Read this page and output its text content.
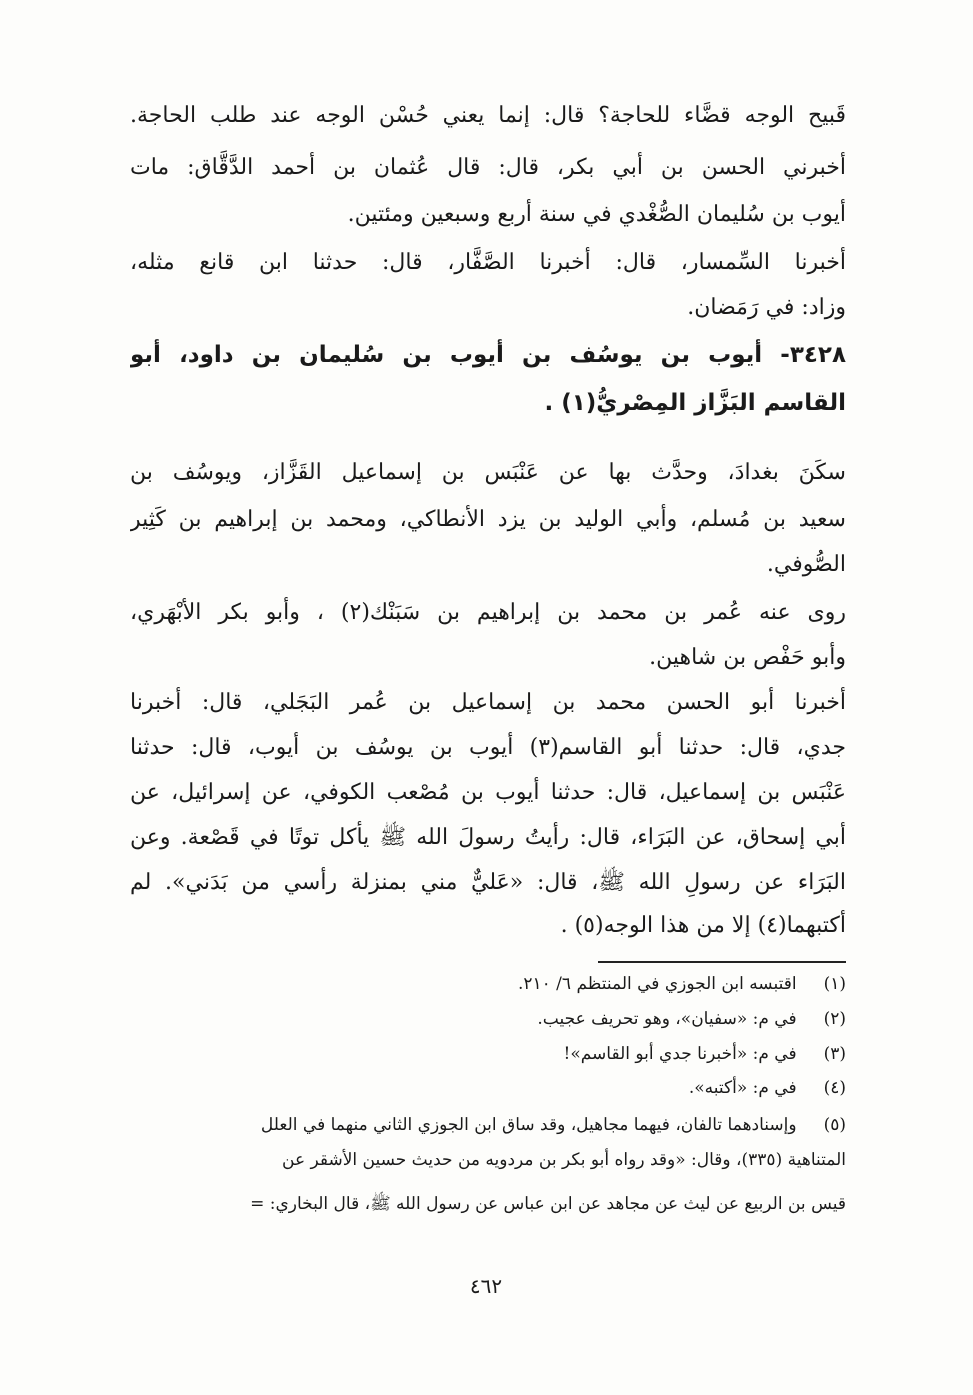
قَبيح الوجه قضَّاء للحاجة؟ قال: إنما يعني حُسْن الوجه عند طلب الحاجة.
أخبرني الحسن بن أبي بكر، قال: قال عُثمان بن أحمد الدَّقَّاق: مات
أيوب بن سُليمان الصُّغْدي في سنة أربع وسبعين ومئتين.
أخبرنا السِّمسار، قال: أخبرنا الصَّفَّار، قال: حدثنا ابن قانع مثله،
وزاد: في رَمَضان.
٣٤٢٨- أيوب بن يوسُف بن أيوب بن سُليمان بن داود، أبو
القاسم البَزَّاز المِصْريُّ(١) .
سكَنَ بغدادَ، وحدَّث بها عن عَنْبَس بن إسماعيل القَزَّاز، ويوسُف بن
سعيد بن مُسلم، وأبي الوليد بن يزد الأنطاكي، ومحمد بن إبراهيم بن كَثِير
الصُّوفي.
روى عنه عُمر بن محمد بن إبراهيم بن سَبَنْك(٢) ، وأبو بكر الأبْهَري،
وأبو حَفْص بن شاهين.
أخبرنا أبو الحسن محمد بن إسماعيل بن عُمر البَجَلي، قال: أخبرنا
جدي، قال: حدثنا أبو القاسم(٣) أيوب بن يوسُف بن أيوب، قال: حدثنا
عَنْبَس بن إسماعيل، قال: حدثنا أيوب بن مُصْعب الكوفي، عن إسرائيل، عن
أبي إسحاق، عن البَرَاء، قال: رأيتُ رسولَ الله ﷺ يأكل توتًا في قَصْعة. وعن
البَرَاء عن رسولِ الله ﷺ، قال: «عَليٌّ مني بمنزلة رأسي من بَدَني». لم
أكتبهما(٤) إلا من هذا الوجه(٥) .
(١) اقتبسه ابن الجوزي في المنتظم ٦/ ٢١٠.
(٢) في م: «سفيان»، وهو تحريف عجيب.
(٣) في م: «أخبرنا جدي أبو القاسم»!
(٤) في م: «أكتبه».
(٥) وإسنادهما تالفان، فيهما مجاهيل، وقد ساق ابن الجوزي الثاني منهما في العلل
المتناهية (٣٣٥)، وقال: «وقد رواه أبو بكر بن مردويه من حديث حسين الأشقر عن
قيس بن الربيع عن ليث عن مجاهد عن ابن عباس عن رسول الله ﷺ، قال البخاري: =
٤٦٢
